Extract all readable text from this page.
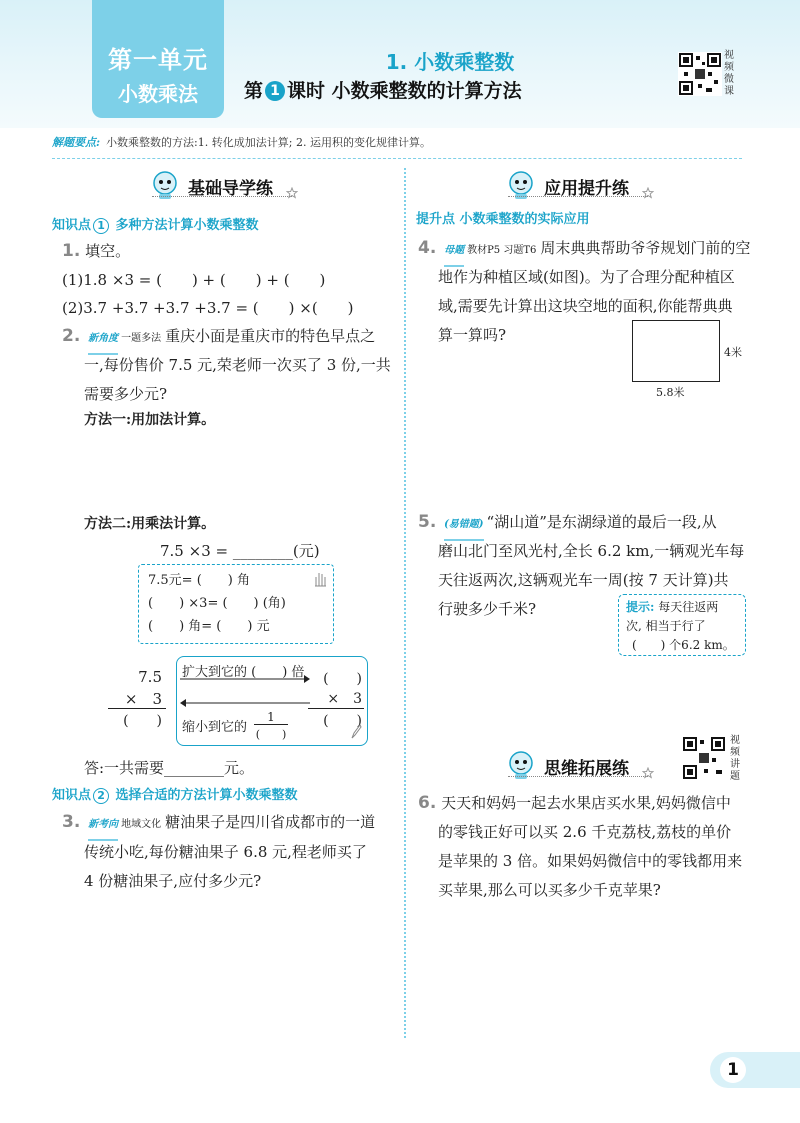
第一单元
小数乘法
1. 小数乘整数
第 1 课时 小数乘整数的计算方法
视频微课
解题要点: 小数乘整数的方法:1. 转化成加法计算; 2. 运用积的变化规律计算。
基础导学练
知识点 1 多种方法计算小数乘整数
1. 填空。
(1)1.8 ×3 = (　　) + (　　) + (　　)
(2)3.7 +3.7 +3.7 +3.7 = (　　) ×(　　)
2. 新角度 一题多法 重庆小面是重庆市的特色早点之
一,每份售价 7.5 元,荣老师一次买了 3 份,一共
需要多少元?
方法一:用加法计算。
方法二:用乘法计算。
7.5 ×3 = ________(元)
7.5元= (　　) 角
(　　) ×3= (　　) (角)
(　　) 角= (　　) 元
7.5
×　3
(　　)
扩大到它的 (　　) 倍	(　　)
×　3
(　　)
缩小到它的
1
(　　)
答:一共需要________元。
知识点 2 选择合适的方法计算小数乘整数
3. 新考向 地域文化 糖油果子是四川省成都市的一道
传统小吃,每份糖油果子 6.8 元,程老师买了
4 份糖油果子,应付多少元?
应用提升练
提升点 小数乘整数的实际应用
4. 母题 教材P5 习题T6 周末典典帮助爷爷规划门前的空
地作为种植区域(如图)。为了合理分配种植区
域,需要先计算出这块空地的面积,你能帮典典
算一算吗?
4米
5.8米
5. (易错题) “湖山道”是东湖绿道的最后一段,从
磨山北门至风光村,全长 6.2 km,一辆观光车每
天往返两次,这辆观光车一周(按 7 天计算)共
行驶多少千米?	提示: 每天往返两
次, 相当于行了
(　　) 个6.2 km。
思维拓展练
视频讲题
6. 天天和妈妈一起去水果店买水果,妈妈微信中
的零钱正好可以买 2.6 千克荔枝,荔枝的单价
是苹果的 3 倍。如果妈妈微信中的零钱都用来
买苹果,那么可以买多少千克苹果?
1
